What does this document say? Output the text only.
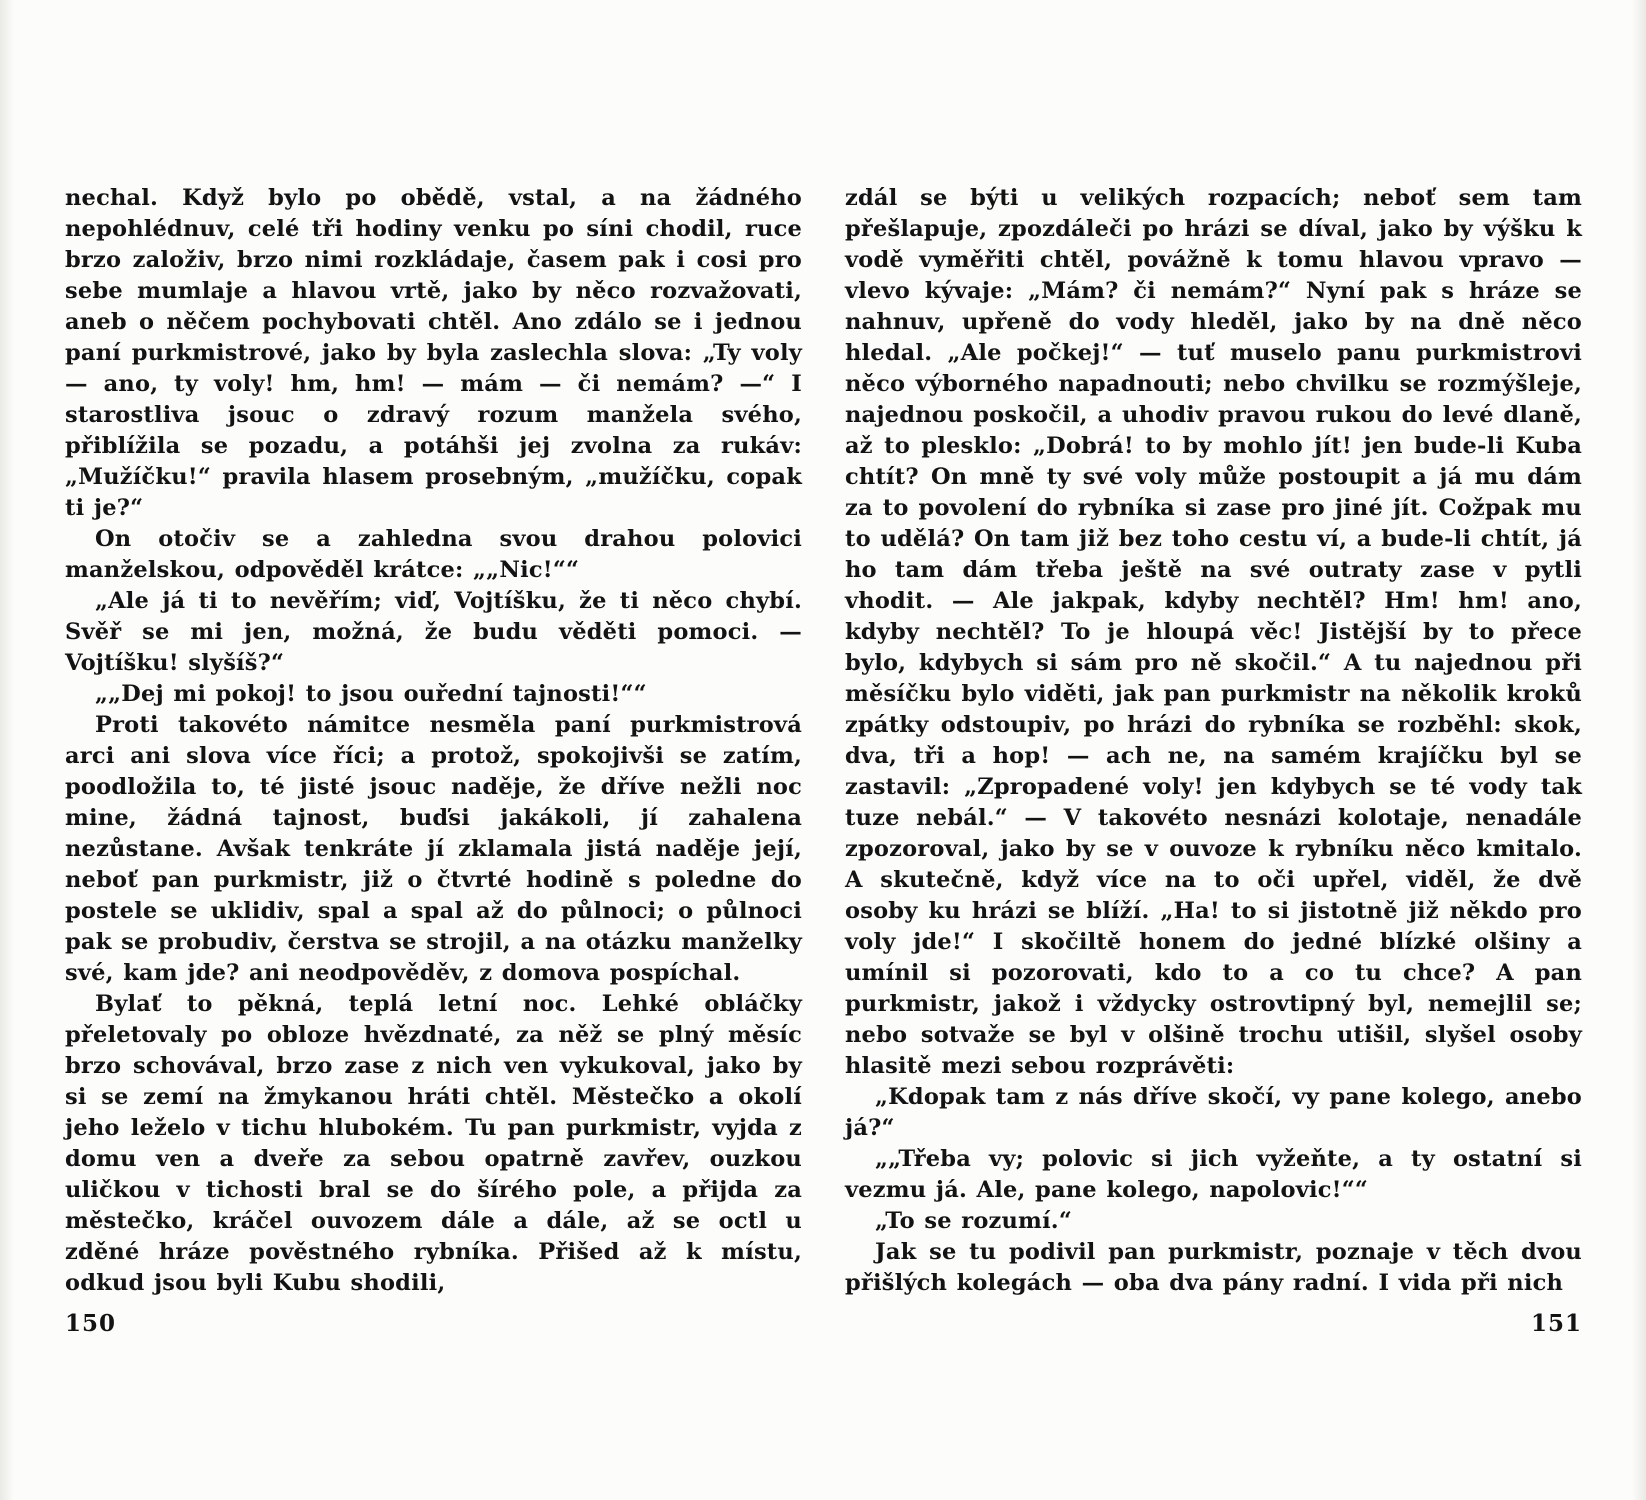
nechal. Když bylo po obědě, vstal, a na žádného nepohlédnuv, celé tři hodiny venku po síni chodil, ruce brzo založiv, brzo nimi rozkládaje, časem pak i cosi pro sebe mumlaje a hlavou vrtě, jako by něco rozvažovati, aneb o něčem pochybovati chtěl. Ano zdálo se i jednou paní purkmistrové, jako by byla zaslechla slova: „Ty voly — ano, ty voly! hm, hm! — mám — či nemám? —“ I starostliva jsouc o zdravý rozum manžela svého, přiblížila se pozadu, a potáhši jej zvolna za rukáv: „Mužíčku!“ pravila hlasem prosebným, „mužíčku, copak ti je?“

On otočiv se a zahledna svou drahou polovici manželskou, odpověděl krátce: „„Nic!““

„Ale já ti to nevěřím; viď, Vojtíšku, že ti něco chybí. Svěř se mi jen, možná, že budu věděti pomoci. — Vojtíšku! slyšíš?“

„„Dej mi pokoj! to jsou ouřední tajnosti!““

Proti takovéto námitce nesměla paní purkmistrová arci ani slova více říci; a protož, spokojivši se zatím, poodložila to, té jisté jsouc naděje, že dříve nežli noc mine, žádná tajnost, buďsi jakákoli, jí zahalena nezůstane. Avšak tenkráte jí zklamala jistá naděje její, neboť pan purkmistr, již o čtvrté hodině s poledne do postele se uklidiv, spal a spal až do půlnoci; o půlnoci pak se probudiv, čerstva se strojil, a na otázku manželky své, kam jde? ani neodpověděv, z domova pospíchal.

Bylať to pěkná, teplá letní noc. Lehké obláčky přeletovaly po obloze hvězdnaté, za něž se plný měsíc brzo schovával, brzo zase z nich ven vykukoval, jako by si se zemí na žmykanou hráti chtěl. Městečko a okolí jeho leželo v tichu hlubokém. Tu pan purkmistr, vyjda z domu ven a dveře za sebou opatrně zavřev, ouzkou uličkou v tichosti bral se do šírého pole, a přijda za městečko, kráčel ouvozem dále a dále, až se octl u zděné hráze pověstného rybníka. Přišed až k místu, odkud jsou byli Kubu shodili,

150

zdál se býti u velikých rozpacích; neboť sem tam přešlapuje, zpozdáleči po hrázi se díval, jako by výšku k vodě vyměřiti chtěl, povážně k tomu hlavou vpravo — vlevo kývaje: „Mám? či nemám?“ Nyní pak s hráze se nahnuv, upřeně do vody hleděl, jako by na dně něco hledal. „Ale počkej!“ — tuť muselo panu purkmistrovi něco výborného napadnouti; nebo chvilku se rozmýšleje, najednou poskočil, a uhodiv pravou rukou do levé dlaně, až to plesklo: „Dobrá! to by mohlo jít! jen bude-li Kuba chtít? On mně ty své voly může postoupit a já mu dám za to povolení do rybníka si zase pro jiné jít. Cožpak mu to udělá? On tam již bez toho cestu ví, a bude-li chtít, já ho tam dám třeba ještě na své outraty zase v pytli vhodit. — Ale jakpak, kdyby nechtěl? Hm! hm! ano, kdyby nechtěl? To je hloupá věc! Jistější by to přece bylo, kdybych si sám pro ně skočil.“ A tu najednou při měsíčku bylo viděti, jak pan purkmistr na několik kroků zpátky odstoupiv, po hrázi do rybníka se rozběhl: skok, dva, tři a hop! — ach ne, na samém krajíčku byl se zastavil: „Zpropadené voly! jen kdybych se té vody tak tuze nebál.“ — V takovéto nesnázi kolotaje, nenadále zpozoroval, jako by se v ouvoze k rybníku něco kmitalo. A skutečně, když více na to oči upřel, viděl, že dvě osoby ku hrázi se blíží. „Ha! to si jistotně již někdo pro voly jde!“ I skočiltě honem do jedné blízké olšiny a umínil si pozorovati, kdo to a co tu chce? A pan purkmistr, jakož i vždycky ostrovtipný byl, nemejlil se; nebo sotvaže se byl v olšině trochu utišil, slyšel osoby hlasitě mezi sebou rozprávěti:

„Kdopak tam z nás dříve skočí, vy pane kolego, anebo já?“

„„Třeba vy; polovic si jich vyžeňte, a ty ostatní si vezmu já. Ale, pane kolego, napolovic!““

„To se rozumí.“

Jak se tu podivil pan purkmistr, poznaje v těch dvou přišlých kolegách — oba dva pány radní. I vida při nich

151
